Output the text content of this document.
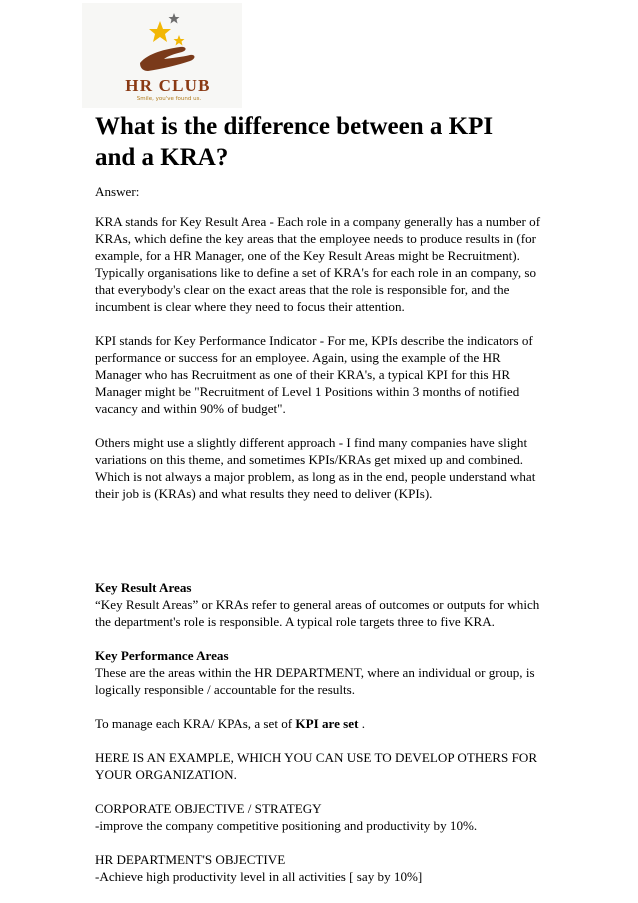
HR CLUB
Smile, you've found us.
What is the difference between a KPI
and a KRA?

Answer:

KRA stands for Key Result Area - Each role in a company generally has a number of
KRAs, which define the key areas that the employee needs to produce results in (for
example, for a HR Manager, one of the Key Result Areas might be Recruitment).
Typically organisations like to define a set of KRA's for each role in an company, so
that everybody's clear on the exact areas that the role is responsible for, and the
incumbent is clear where they need to focus their attention.

KPI stands for Key Performance Indicator - For me, KPIs describe the indicators of
performance or success for an employee. Again, using the example of the HR
Manager who has Recruitment as one of their KRA's, a typical KPI for this HR
Manager might be "Recruitment of Level 1 Positions within 3 months of notified
vacancy and within 90% of budget".

Others might use a slightly different approach - I find many companies have slight
variations on this theme, and sometimes KPIs/KRAs get mixed up and combined.
Which is not always a major problem, as long as in the end, people understand what
their job is (KRAs) and what results they need to deliver (KPIs).

Key Result Areas
“Key Result Areas” or KRAs refer to general areas of outcomes or outputs for which
the department's role is responsible. A typical role targets three to five KRA.

Key Performance Areas
These are the areas within the HR DEPARTMENT, where an individual or group, is
logically responsible / accountable for the results.

To manage each KRA/ KPAs, a set of KPI are set .

HERE IS AN EXAMPLE, WHICH YOU CAN USE TO DEVELOP OTHERS FOR
YOUR ORGANIZATION.

CORPORATE OBJECTIVE / STRATEGY
-improve the company competitive positioning and productivity by 10%.

HR DEPARTMENT'S OBJECTIVE
-Achieve high productivity level in all activities [ say by 10%]
